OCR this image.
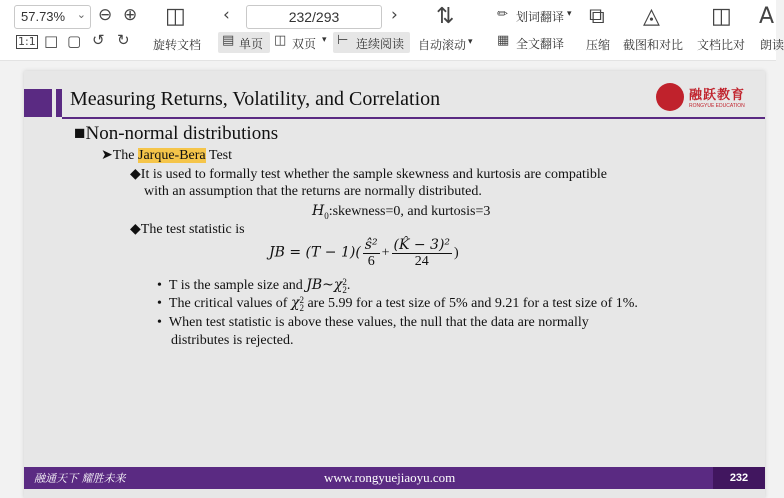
57.73% ⌄ ⊖ ⊕
1:1 □ ▢ ↺ ↻
◫
旋转文档
‹	232/293	›
▤ 单页 ◫ 双页 ▾ ⊢ 连续阅读
⇅
自动滚动 ▾
✏ 划词翻译 ▾
▦ 全文翻译
⧉
压缩
◬
截图和对比
◫
文档比对
A
朗读
Measuring Returns, Volatility, and Correlation	融跃教育
RONGYUE EDUCATION
■Non-normal distributions
➤The Jarque-Bera Test
◆It is used to formally test whether the sample skewness and kurtosis are compatible
with an assumption that the returns are normally distributed.
$H_0:skewness=0$, and kurtosis=3
◆The test statistic is
JB = $(T - 1)( \frac{\text{ŝ²}}{6} + \frac{\text{(K̂ − 3)²}}{24}$ )
•  T is the sample size and JB~χ 2
2 .
•  The critical values of χ 2
2 are 5.99 for a test size of 5% and 9.21 for a test size of 1%.
•  When test statistic is above these values, the null that the data are normally
distributes is rejected.
融通天下 耀胜未来	www.rongyuejiaoyu.com	232
